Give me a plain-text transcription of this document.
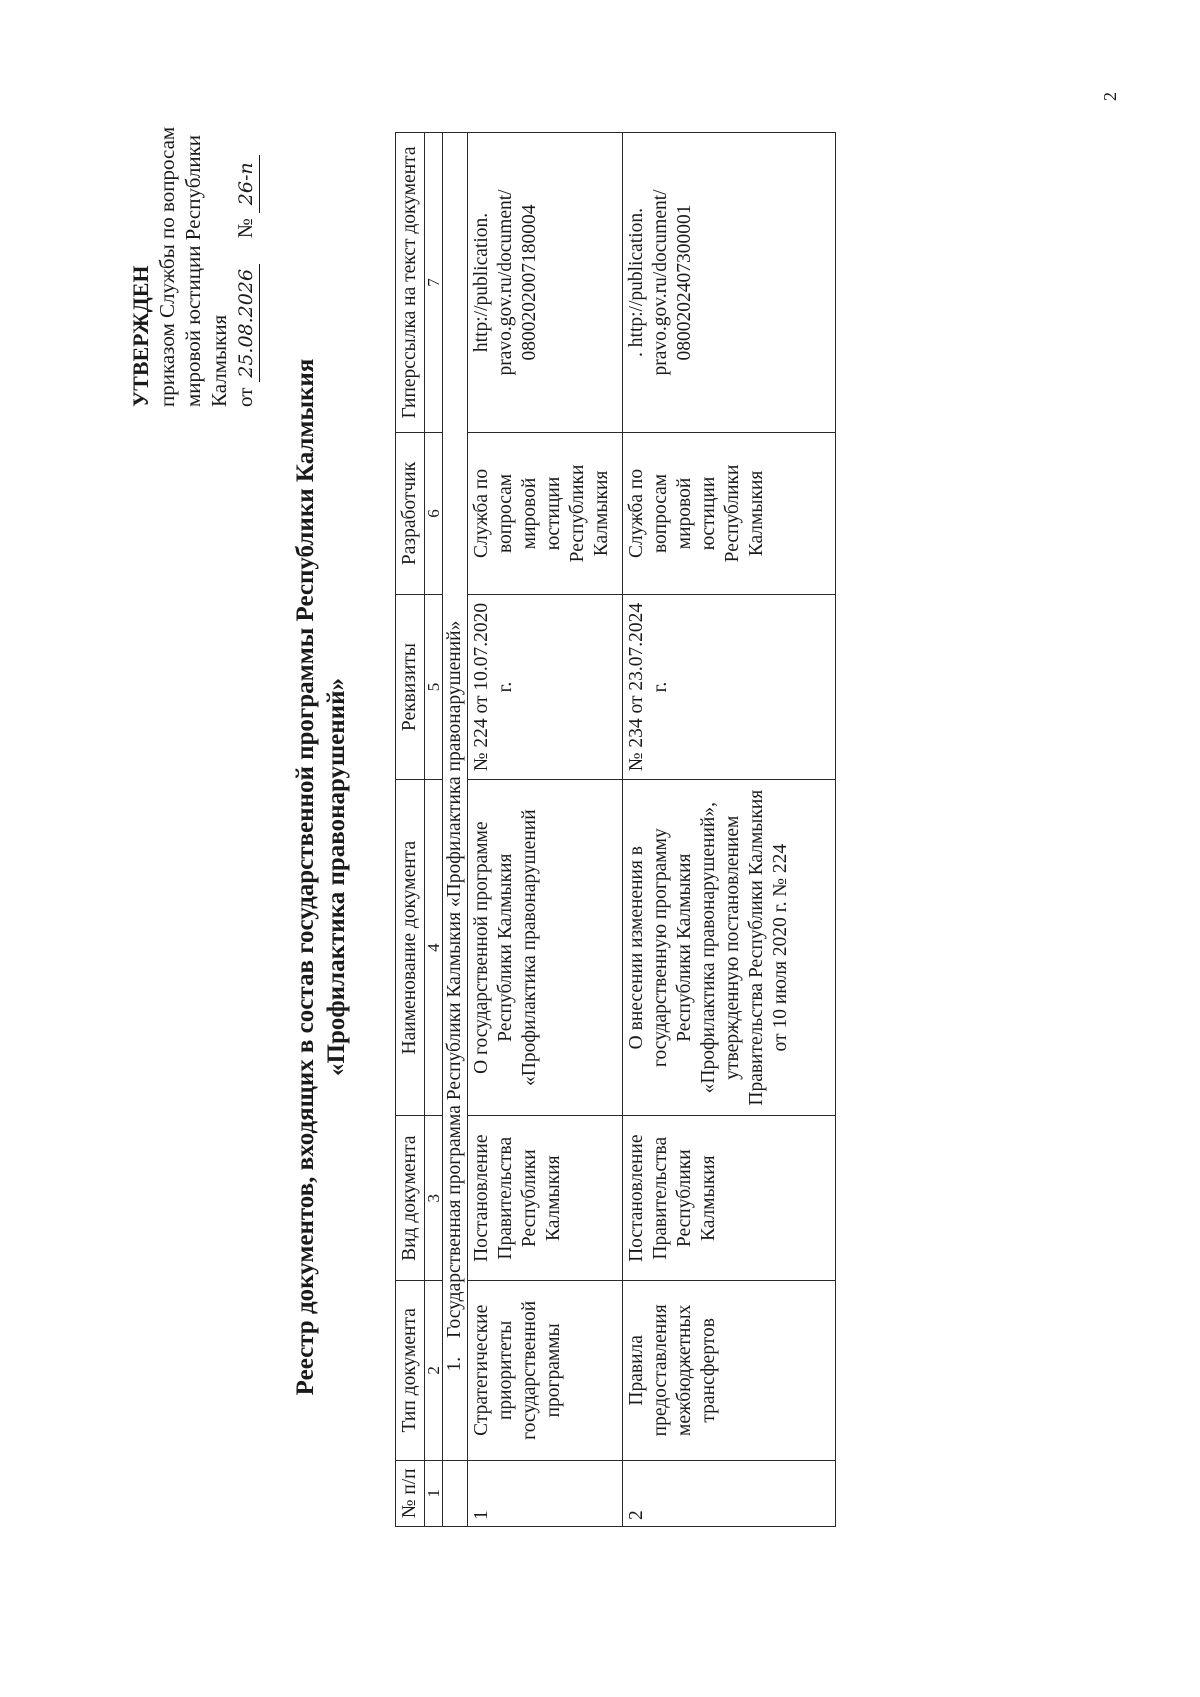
УТВЕРЖДЕН приказом Службы по вопросам мировой юстиции Республики Калмыкия от 25.08.2026     № 26-п
Реестр документов, входящих в состав государственной программы Республики Калмыкия «Профилактика правонарушений»
№ п/п	Тип документа	Вид документа	Наименование документа	Реквизиты	Разработчик	Гиперссылка на текст документа
1	2	3	4	5	6	7
	1. Государственная программа Республики Калмыкия «Профилактика правонарушений»					
1	Стратегические приоритеты государственной программы	Постановление Правительства Республики Калмыкия	О государственной программе Республики Калмыкия «Профилактика правонарушений	№ 224 от 10.07.2020 г.	Служба по вопросам мировой юстиции Республики Калмыкия	http://publication. pravo.gov.ru/document/ 0800202007180004
2	Правила предоставления межбюджетных трансфертов	Постановление Правительства Республики Калмыкия	О внесении изменения в государственную программу Республики Калмыкия «Профилактика правонарушений», утвержденную постановлением Правительства Республики Калмыкия от 10 июля 2020 г. № 224	№ 234 от 23.07.2024 г.	Служба по вопросам мировой юстиции Республики Калмыкия	. http://publication. pravo.gov.ru/document/ 0800202407300001
2
